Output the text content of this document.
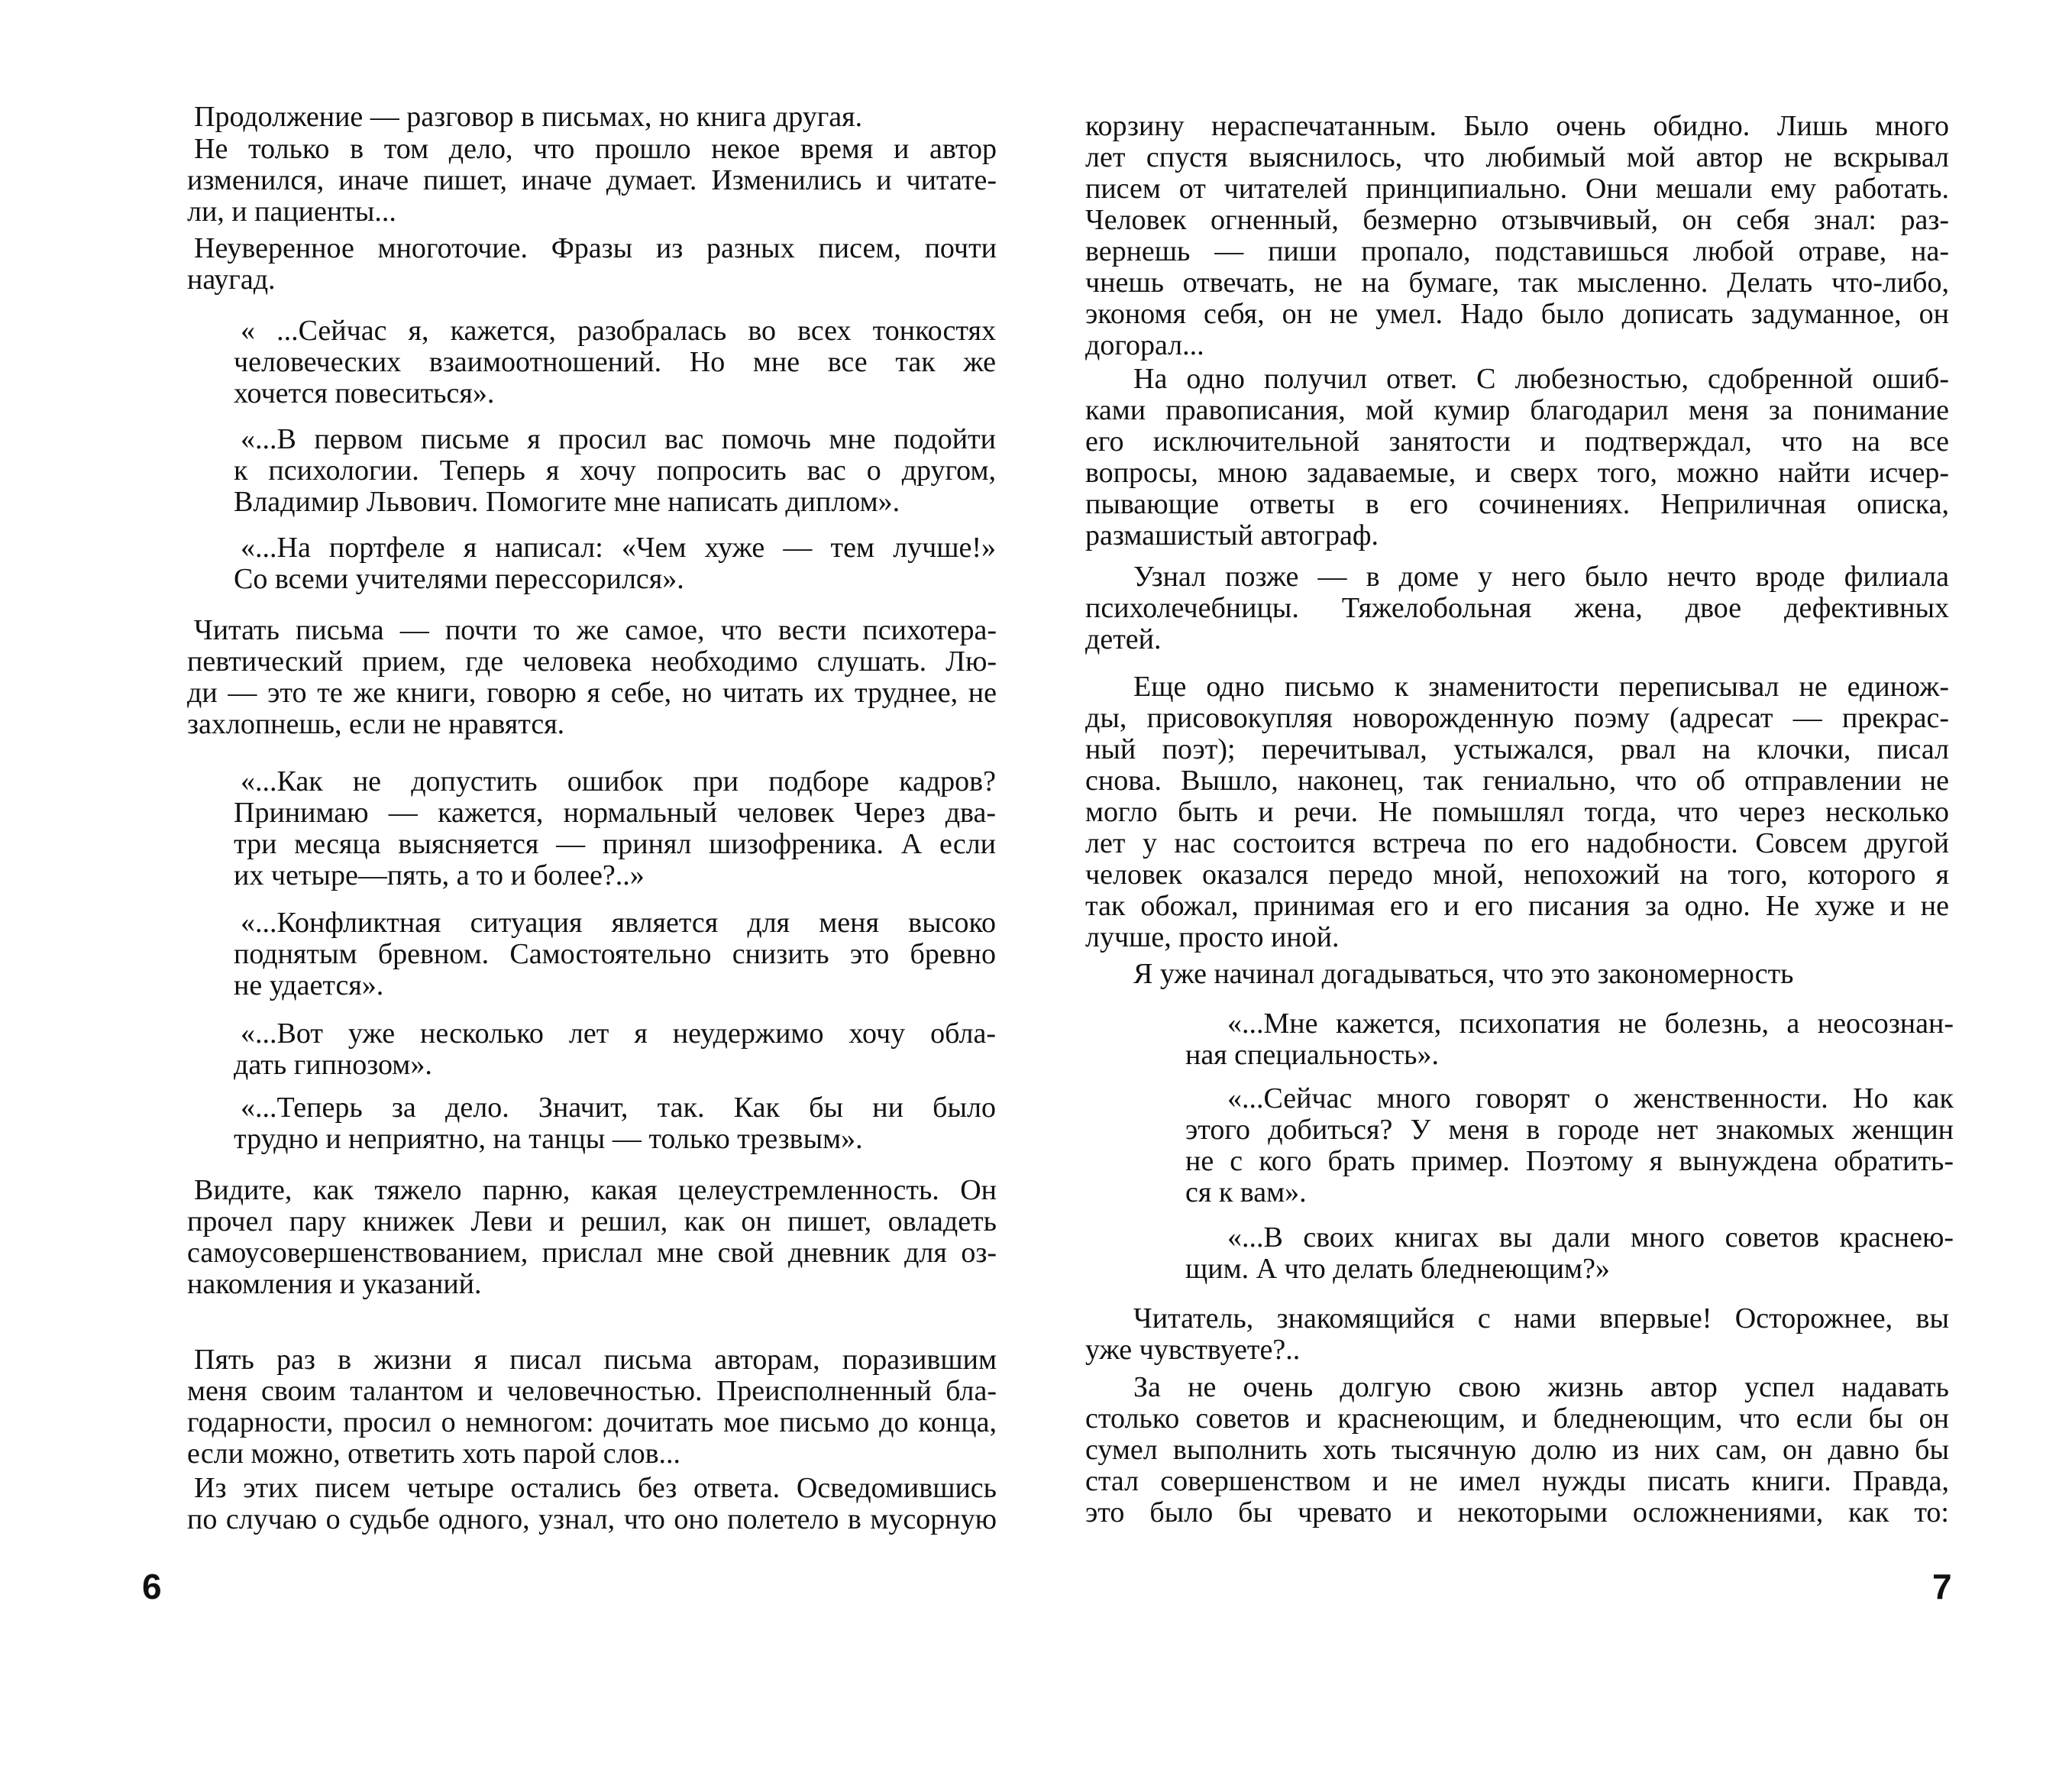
Продолжение — разговор в письмах, но книга другая.
Не только в том дело, что прошло некое время и автор
изменился, иначе пишет, иначе думает. Изменились и читате-
ли, и пациенты...
Неуверенное многоточие. Фразы из разных писем, почти
наугад.
« ...Сейчас я, кажется, разобралась во всех тонкостях
человеческих взаимоотношений. Но мне все так же
хочется повеситься».
«...В первом письме я просил вас помочь мне подойти
к психологии. Теперь я хочу попросить вас о другом,
Владимир Львович. Помогите мне написать диплом».
«...На портфеле я написал: «Чем хуже — тем лучше!»
Со всеми учителями перессорился».
Читать письма — почти то же самое, что вести психотера-
певтический прием, где человека необходимо слушать. Лю-
ди — это те же книги, говорю я себе, но читать их труднее, не
захлопнешь, если не нравятся.
«...Как не допустить ошибок при подборе кадров?
Принимаю — кажется, нормальный человек Через два-
три месяца выясняется — принял шизофреника. А если
их четыре—пять, а то и более?..»
«...Конфликтная ситуация является для меня высоко
поднятым бревном. Самостоятельно снизить это бревно
не удается».
«...Вот уже несколько лет я неудержимо хочу обла-
дать гипнозом».
«...Теперь за дело. Значит, так. Как бы ни было
трудно и неприятно, на танцы — только трезвым».
Видите, как тяжело парню, какая целеустремленность. Он
прочел пару книжек Леви и решил, как он пишет, овладеть
самоусовершенствованием, прислал мне свой дневник для оз-
накомления и указаний.
Пять раз в жизни я писал письма авторам, поразившим
меня своим талантом и человечностью. Преисполненный бла-
годарности, просил о немногом: дочитать мое письмо до конца,
если можно, ответить хоть парой слов...
Из этих писем четыре остались без ответа. Осведомившись
по случаю о судьбе одного, узнал, что оно полетело в мусорную
6
корзину нераспечатанным. Было очень обидно. Лишь много
лет спустя выяснилось, что любимый мой автор не вскрывал
писем от читателей принципиально. Они мешали ему работать.
Человек огненный, безмерно отзывчивый, он себя знал: раз-
вернешь — пиши пропало, подставишься любой отраве, на-
чнешь отвечать, не на бумаге, так мысленно. Делать что-либо,
экономя себя, он не умел. Надо было дописать задуманное, он
догорал...
На одно получил ответ. С любезностью, сдобренной ошиб-
ками правописания, мой кумир благодарил меня за понимание
его исключительной занятости и подтверждал, что на все
вопросы, мною задаваемые, и сверх того, можно найти исчер-
пывающие ответы в его сочинениях. Неприличная описка,
размашистый автограф.
Узнал позже — в доме у него было нечто вроде филиала
психолечебницы. Тяжелобольная жена, двое дефективных
детей.
Еще одно письмо к знаменитости переписывал не единож-
ды, присовокупляя новорожденную поэму (адресат — прекрас-
ный поэт); перечитывал, устыжался, рвал на клочки, писал
снова. Вышло, наконец, так гениально, что об отправлении не
могло быть и речи. Не помышлял тогда, что через несколько
лет у нас состоится встреча по его надобности. Совсем другой
человек оказался передо мной, непохожий на того, которого я
так обожал, принимая его и его писания за одно. Не хуже и не
лучше, просто иной.
Я уже начинал догадываться, что это закономерность
«...Мне кажется, психопатия не болезнь, а неосознан-
ная специальность».
«...Сейчас много говорят о женственности. Но как
этого добиться? У меня в городе нет знакомых женщин
не с кого брать пример. Поэтому я вынуждена обратить-
ся к вам».
«...В своих книгах вы дали много советов краснею-
щим. А что делать бледнеющим?»
Читатель, знакомящийся с нами впервые! Осторожнее, вы
уже чувствуете?..
За не очень долгую свою жизнь автор успел надавать
столько советов и краснеющим, и бледнеющим, что если бы он
сумел выполнить хоть тысячную долю из них сам, он давно бы
стал совершенством и не имел нужды писать книги. Правда,
это было бы чревато и некоторыми осложнениями, как то:
7
